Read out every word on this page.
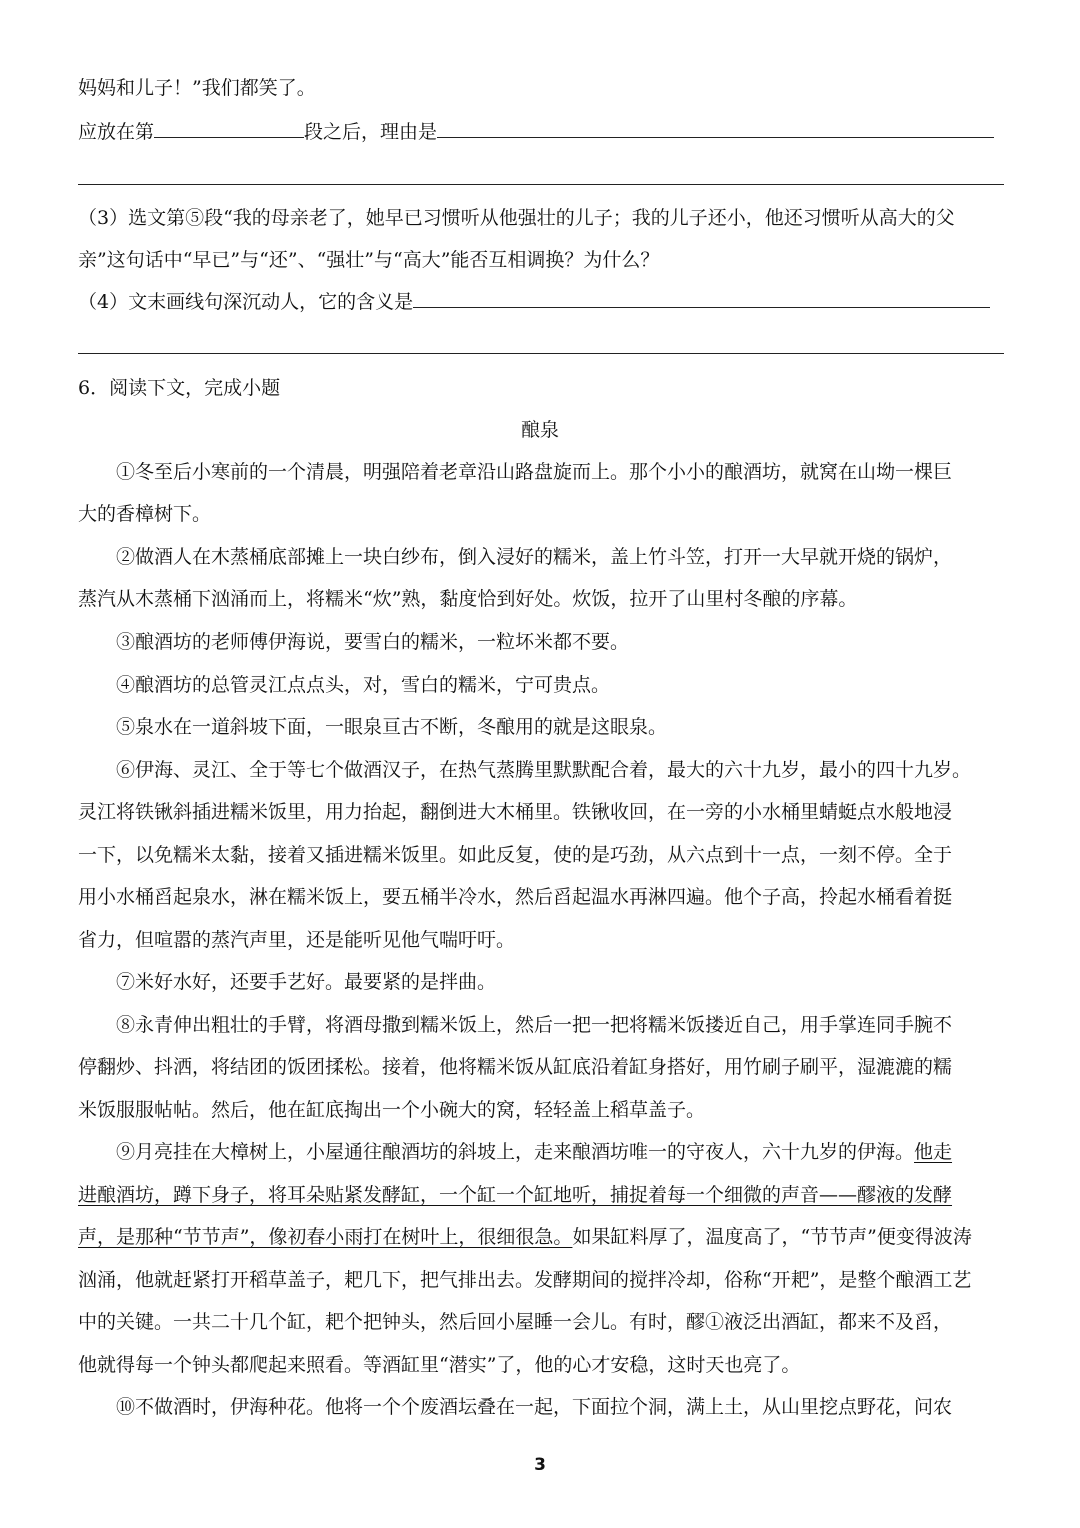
妈妈和儿子！”我们都笑了。
应放在第	段之后，理由是
（3）选文第⑤段“我的母亲老了，她早已习惯听从他强壮的儿子；我的儿子还小，他还习惯听从高大的父
亲”这句话中“早已”与“还”、“强壮”与“高大”能否互相调换？为什么？
（4）文末画线句深沉动人，它的含义是
6．阅读下文，完成小题
酿泉
①冬至后小寒前的一个清晨，明强陪着老章沿山路盘旋而上。那个小小的酿酒坊，就窝在山坳一棵巨
大的香樟树下。
②做酒人在木蒸桶底部摊上一块白纱布，倒入浸好的糯米，盖上竹斗笠，打开一大早就开烧的锅炉，
蒸汽从木蒸桶下汹涌而上，将糯米“炊”熟，黏度恰到好处。炊饭，拉开了山里村冬酿的序幕。
③酿酒坊的老师傅伊海说，要雪白的糯米，一粒坏米都不要。
④酿酒坊的总管灵江点点头，对，雪白的糯米，宁可贵点。
⑤泉水在一道斜坡下面，一眼泉亘古不断，冬酿用的就是这眼泉。
⑥伊海、灵江、全于等七个做酒汉子，在热气蒸腾里默默配合着，最大的六十九岁，最小的四十九岁。
灵江将铁锹斜插进糯米饭里，用力抬起，翻倒进大木桶里。铁锹收回，在一旁的小水桶里蜻蜓点水般地浸
一下，以免糯米太黏，接着又插进糯米饭里。如此反复，使的是巧劲，从六点到十一点，一刻不停。全于
用小水桶舀起泉水，淋在糯米饭上，要五桶半冷水，然后舀起温水再淋四遍。他个子高，拎起水桶看着挺
省力，但喧嚣的蒸汽声里，还是能听见他气喘吁吁。
⑦米好水好，还要手艺好。最要紧的是拌曲。
⑧永青伸出粗壮的手臂，将酒母撒到糯米饭上，然后一把一把将糯米饭搂近自己，用手掌连同手腕不
停翻炒、抖洒，将结团的饭团揉松。接着，他将糯米饭从缸底沿着缸身搭好，用竹刷子刷平，湿漉漉的糯
米饭服服帖帖。然后，他在缸底掏出一个小碗大的窝，轻轻盖上稻草盖子。
⑨月亮挂在大樟树上，小屋通往酿酒坊的斜坡上，走来酿酒坊唯一的守夜人，六十九岁的伊海。他走
进酿酒坊，蹲下身子，将耳朵贴紧发酵缸，一个缸一个缸地听，捕捉着每一个细微的声音——醪液的发酵
声，是那种“节节声”，像初春小雨打在树叶上，很细很急。如果缸料厚了，温度高了，“节节声”便变得波涛
汹涌，他就赶紧打开稻草盖子，耙几下，把气排出去。发酵期间的搅拌冷却，俗称“开耙”，是整个酿酒工艺
中的关键。一共二十几个缸，耙个把钟头，然后回小屋睡一会儿。有时，醪①液泛出酒缸，都来不及舀，
他就得每一个钟头都爬起来照看。等酒缸里“潜实”了，他的心才安稳，这时天也亮了。
⑩不做酒时，伊海种花。他将一个个废酒坛叠在一起，下面拉个洞，满上土，从山里挖点野花，问农
3
